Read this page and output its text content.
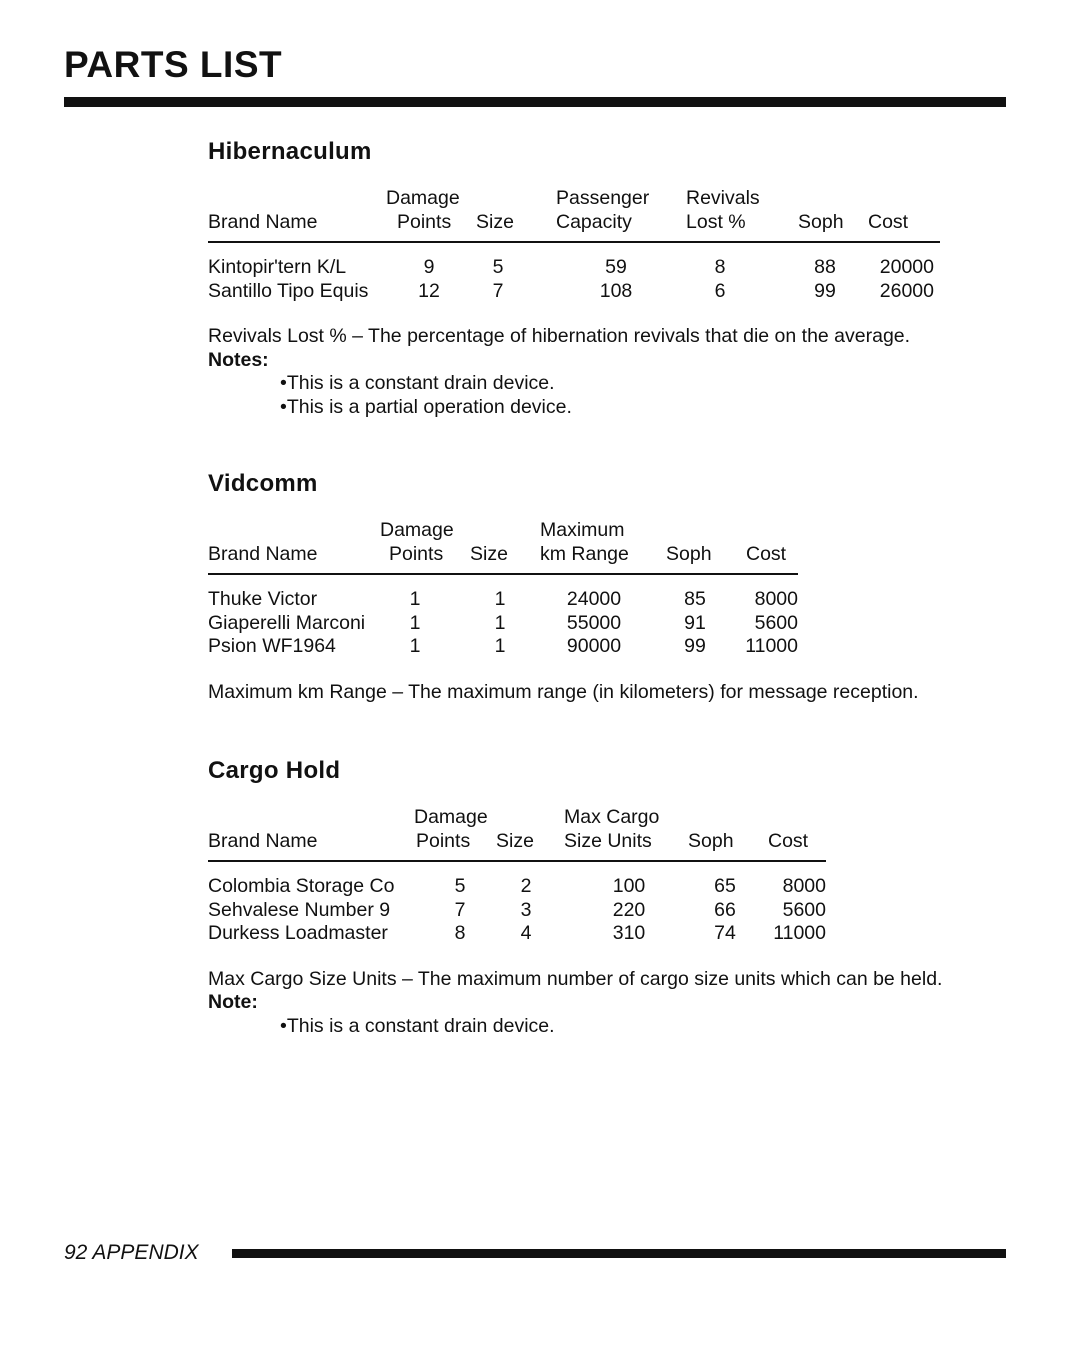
PARTS LIST
Hibernaculum
	Damage		Passenger	Revivals		
Brand Name	Points	Size	Capacity	Lost %	Soph	Cost

Kintopir'tern K/L	9	5	59	8	88	20000
Santillo Tipo Equis	12	7	108	6	99	26000

Revivals Lost % – The percentage of hibernation revivals that die on the average.

Notes:

•This is a constant drain device.

•This is a partial operation device.

Vidcomm
	Damage		Maximum		
Brand Name	Points	Size	km Range	Soph	Cost

Thuke Victor	1	1	24000	85	8000
Giaperelli Marconi	1	1	55000	91	5600
Psion WF1964	1	1	90000	99	11000

Maximum km Range – The maximum range (in kilometers) for message reception.

Cargo Hold
	Damage		Max Cargo		
Brand Name	Points	Size	Size Units	Soph	Cost

Colombia Storage Co	5	2	100	65	8000
Sehvalese Number 9	7	3	220	66	5600
Durkess Loadmaster	8	4	310	74	11000

Max Cargo Size Units – The maximum number of cargo size units which can be held.

Note:

•This is a constant drain device.

92 APPENDIX
